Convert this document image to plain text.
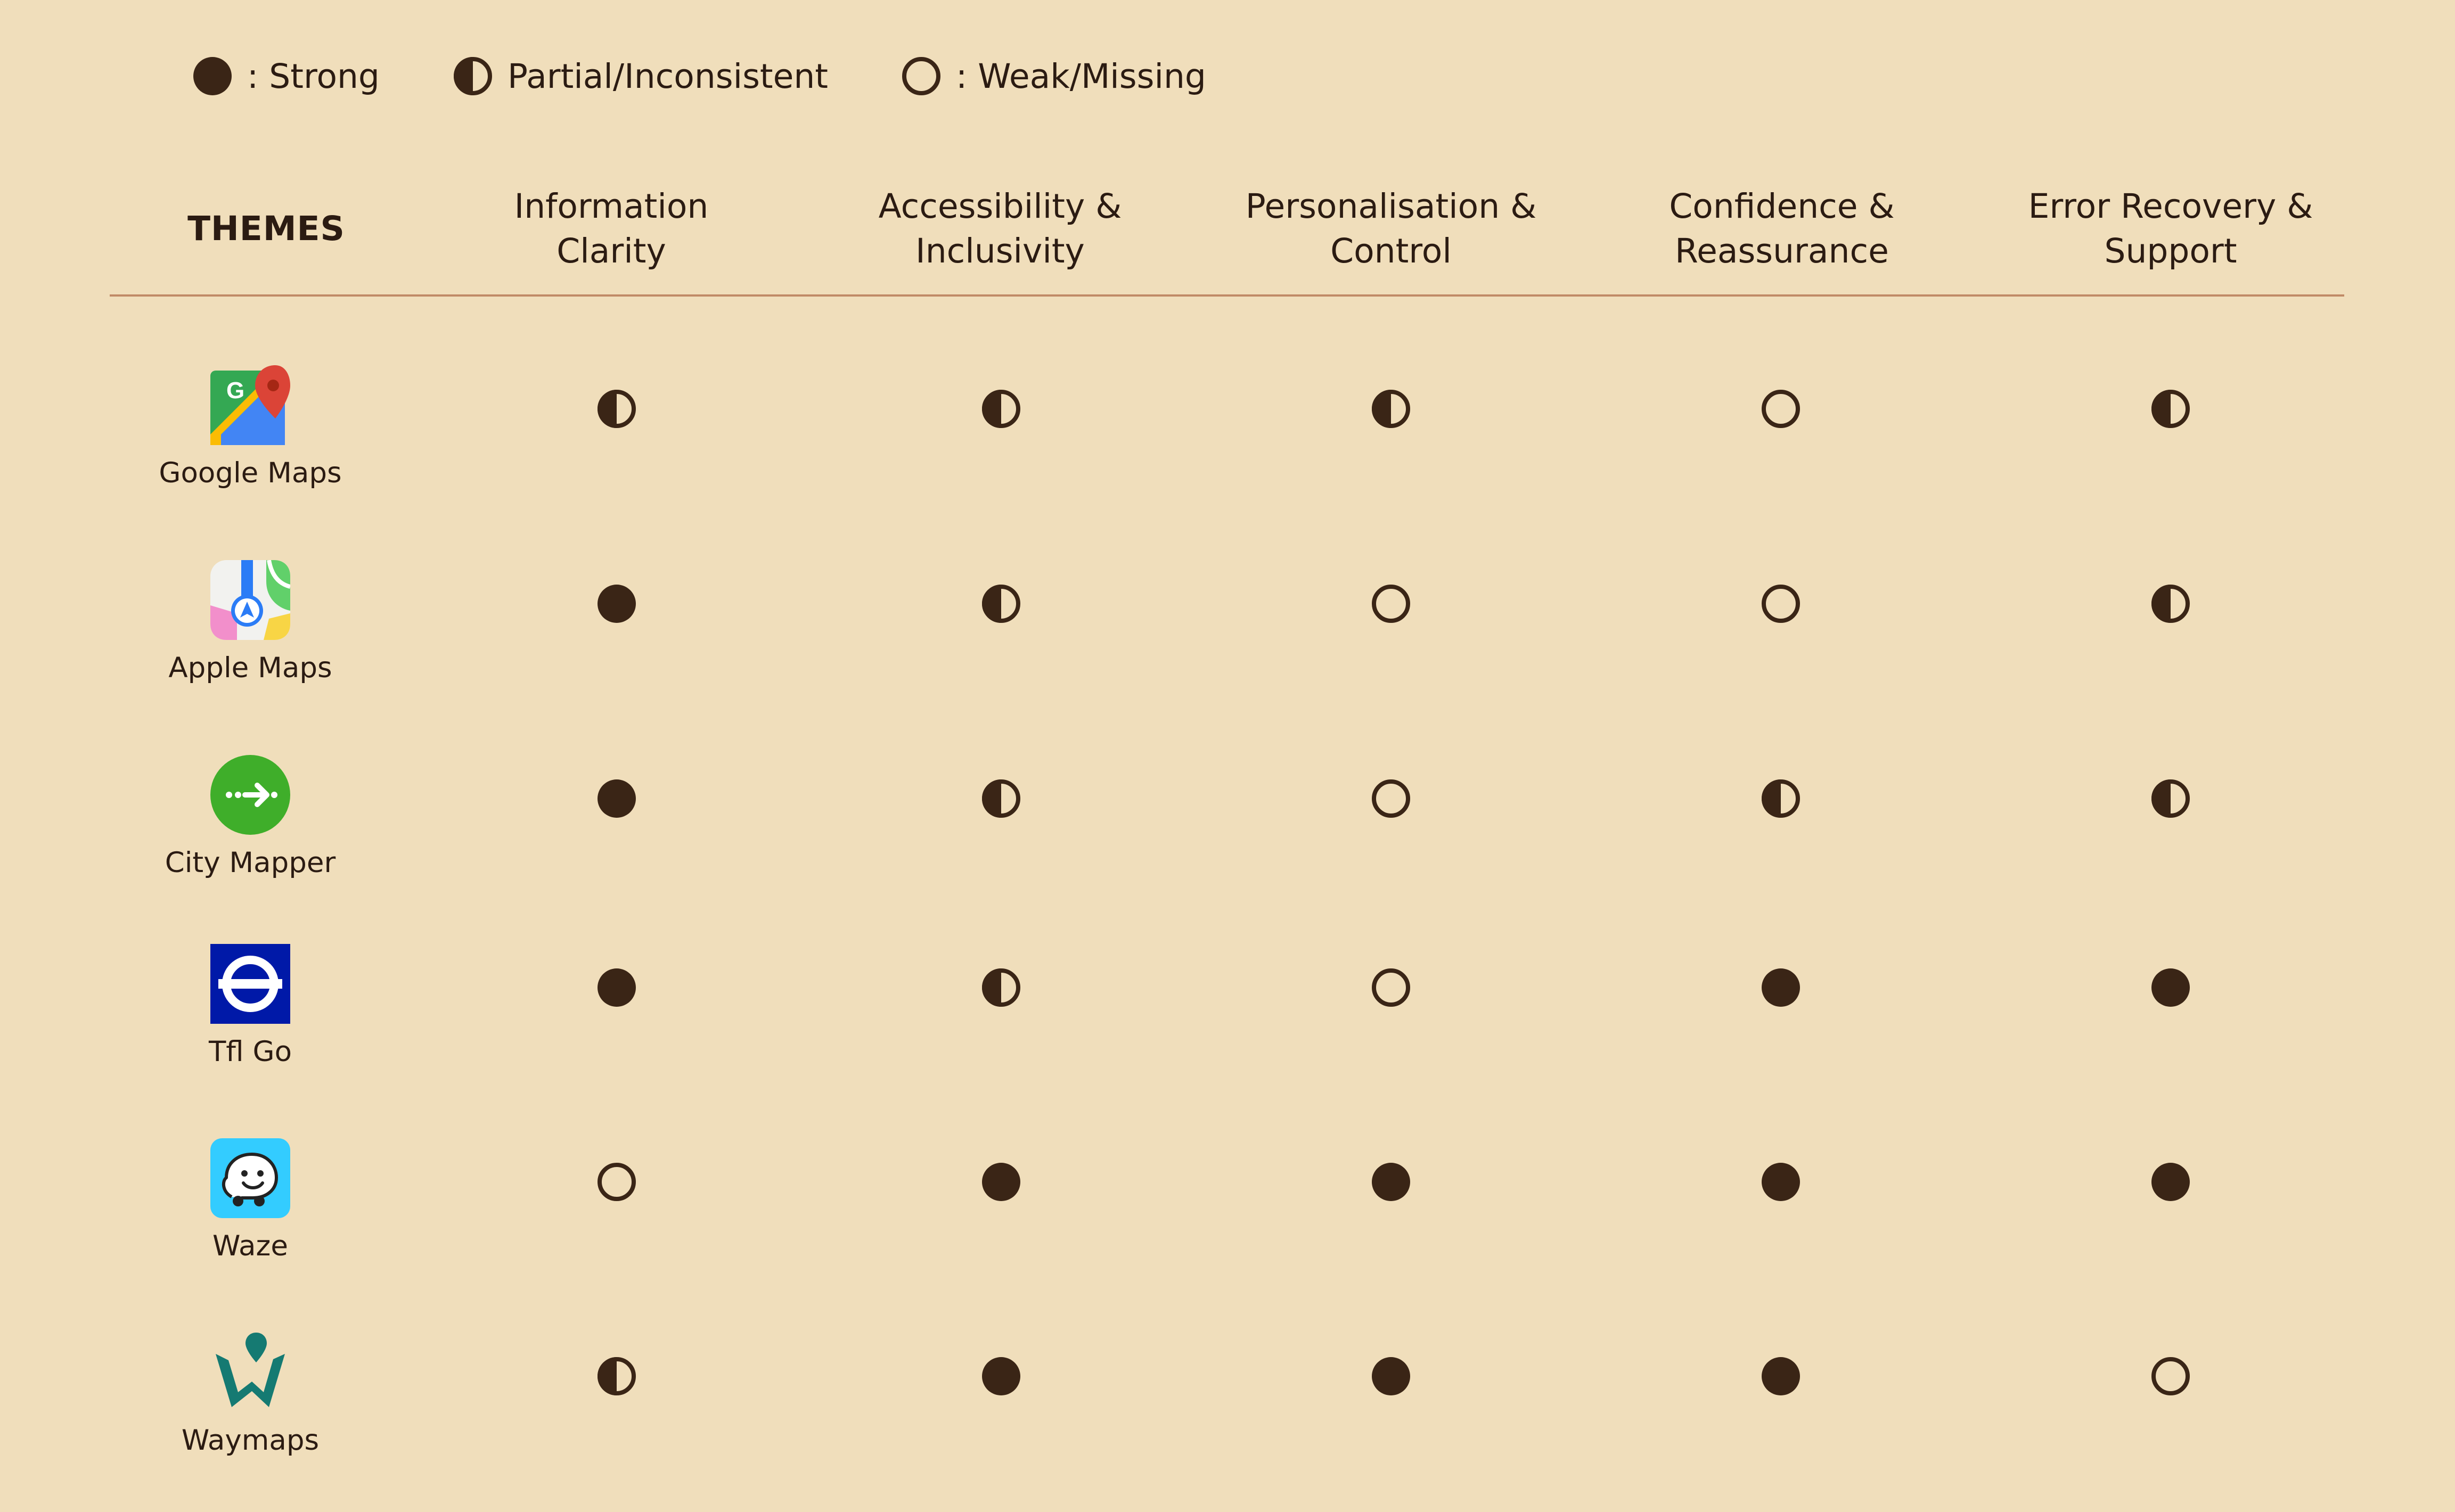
: Strong	Partial/Inconsistent	: Weak/Missing
THEMES
Information Clarity
Accessibility & Inclusivity
Personalisation & Control
Confidence & Reassurance
Error Recovery & Support
G
Google Maps
Apple Maps
City Mapper
Tfl Go
Waze
Waymaps
